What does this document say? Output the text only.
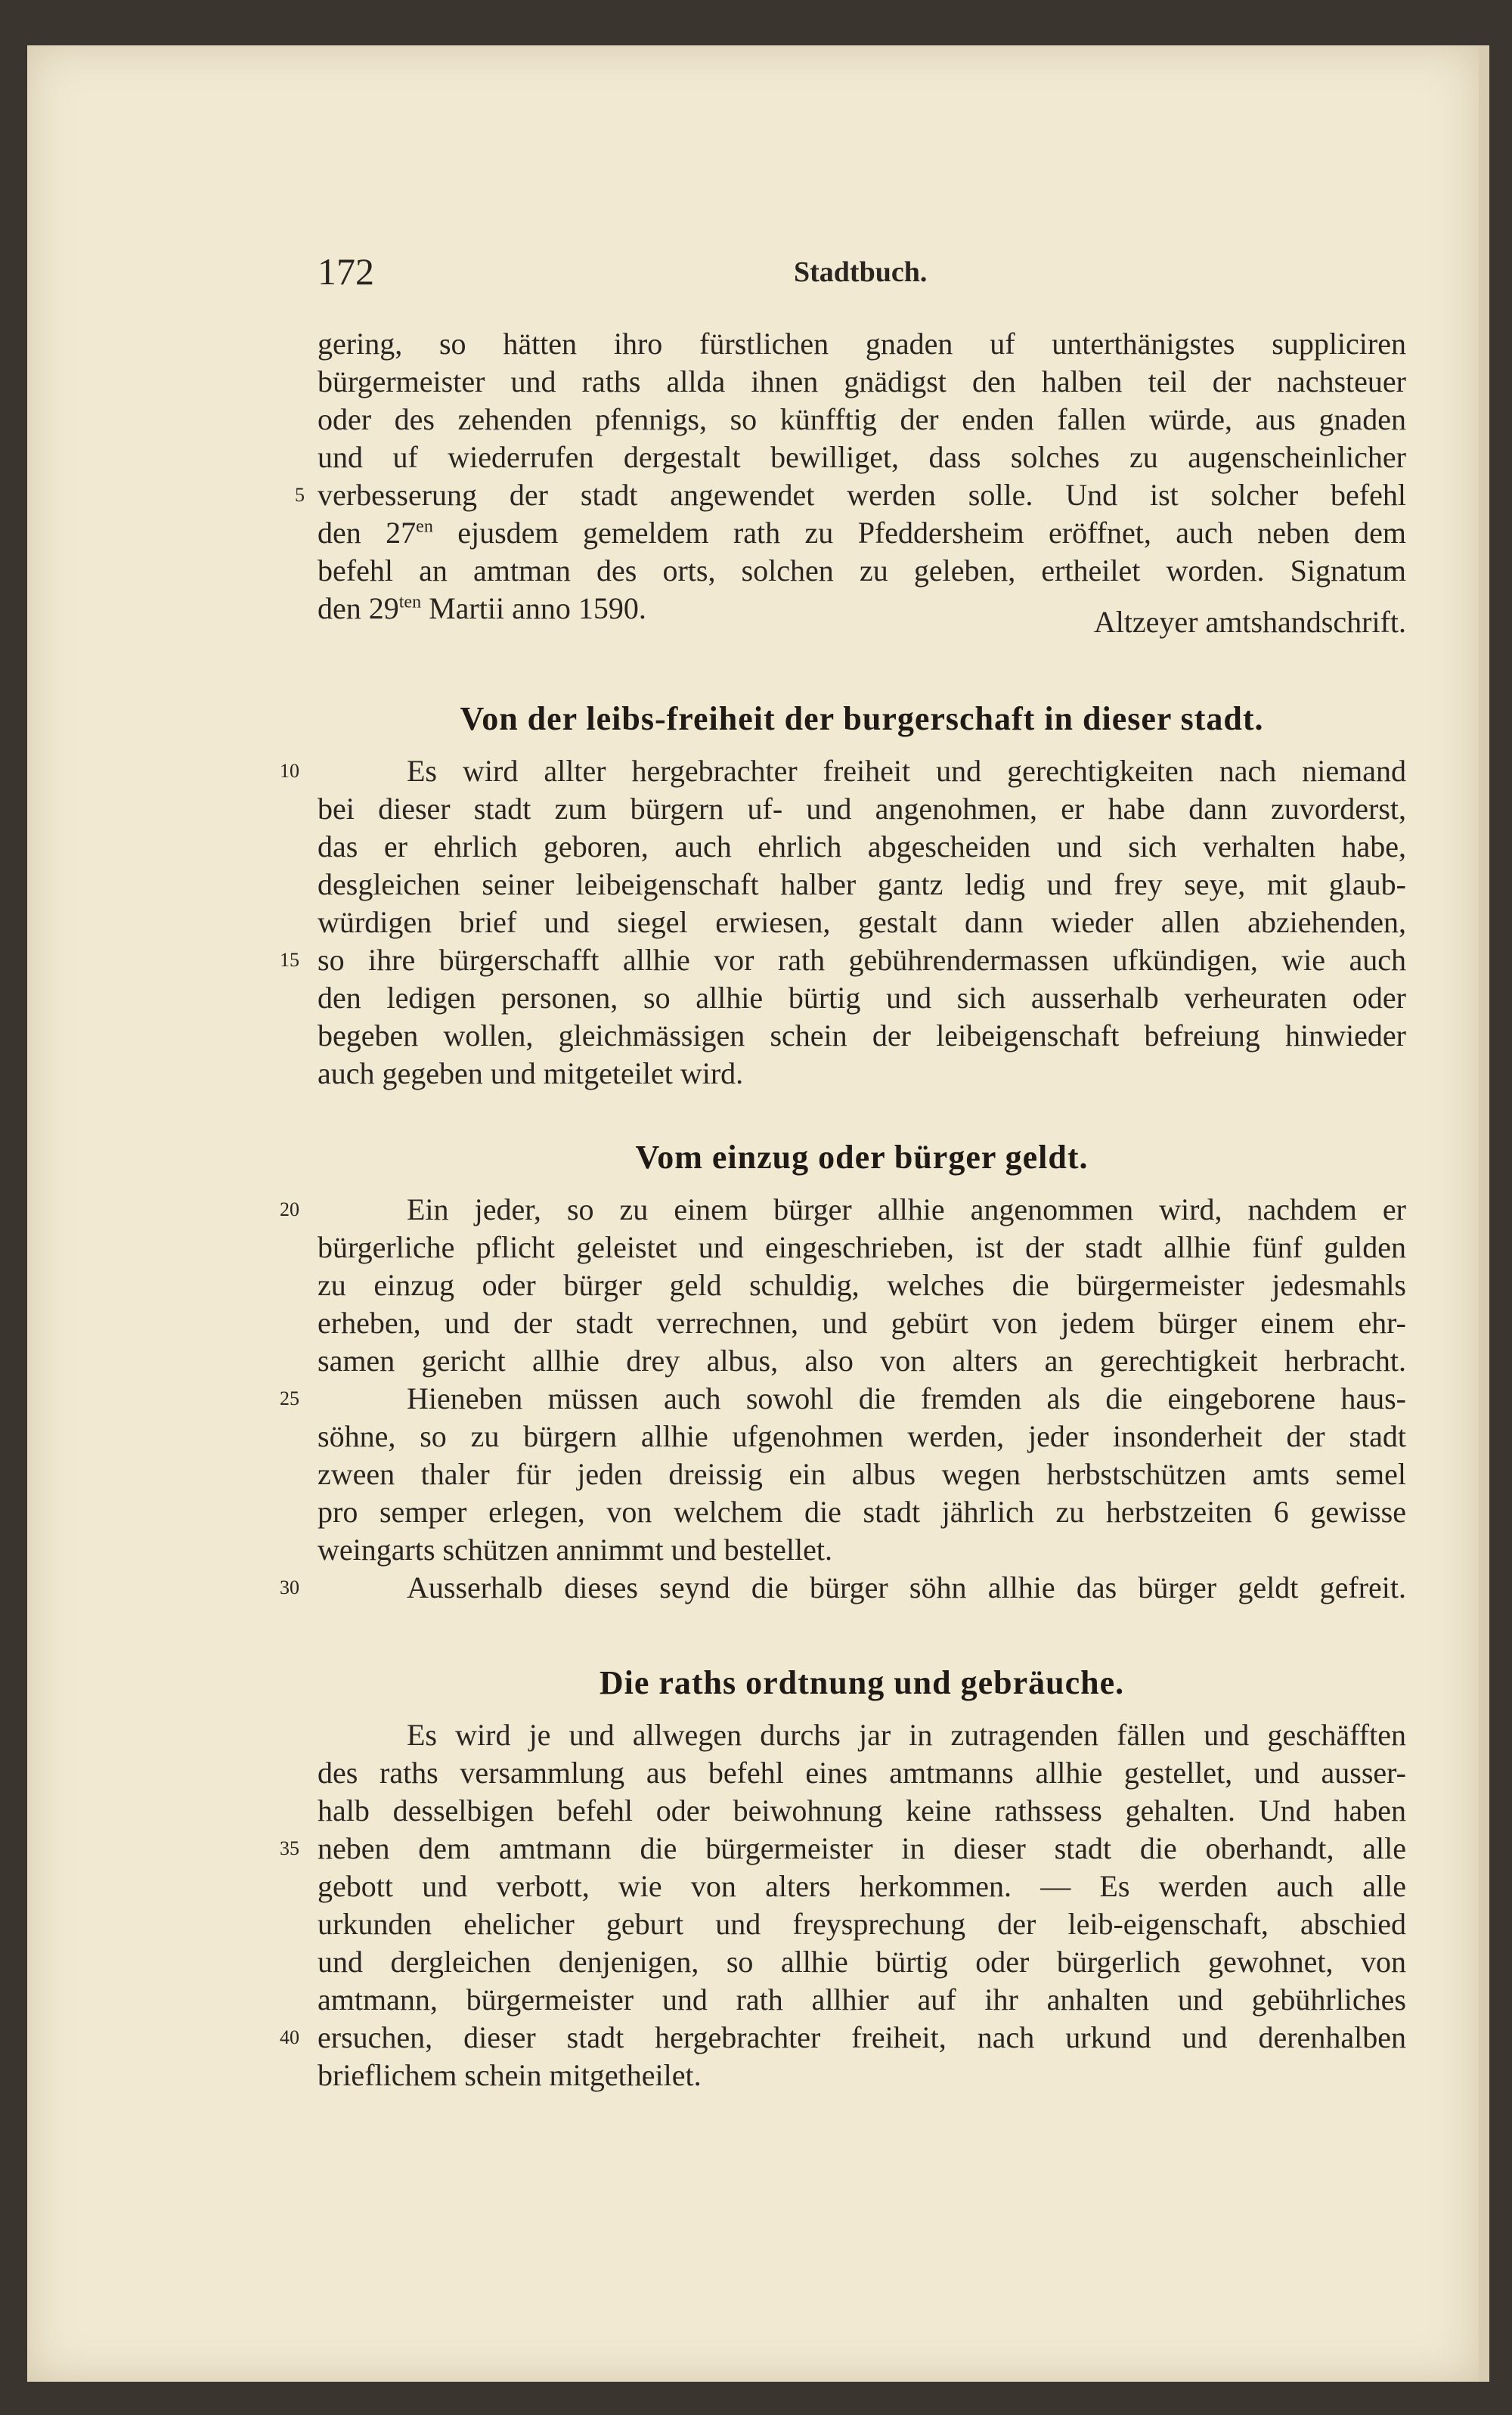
172	Stadtbuch.
gering, so hätten ihro fürstlichen gnaden uf unterthänigstes suppliciren
bürgermeister und raths allda ihnen gnädigst den halben teil der nachsteuer
oder des zehenden pfennigs, so künfftig der enden fallen würde, aus gnaden
und uf wiederrufen dergestalt bewilliget, dass solches zu augenscheinlicher
5 verbesserung der stadt angewendet werden solle. Und ist solcher befehl
den $27^{en}$ ejusdem gemeldem rath zu Pfeddersheim eröffnet, auch neben dem
befehl an amtman des orts, solchen zu geleben, ertheilet worden. Signatum
den $29^{ten}$ Martii anno 1590.	Altzeyer amtshandschrift.
Von der leibs-freiheit der burgerschaft in dieser stadt.
10	Es wird allter hergebrachter freiheit und gerechtigkeiten nach niemand
bei dieser stadt zum bürgern uf- und angenohmen, er habe dann zuvorderst,
das er ehrlich geboren, auch ehrlich abgescheiden und sich verhalten habe,
desgleichen seiner leibeigenschaft halber gantz ledig und frey seye, mit glaub-
würdigen brief und siegel erwiesen, gestalt dann wieder allen abziehenden,
15 so ihre bürgerschafft allhie vor rath gebührendermassen ufkündigen, wie auch
den ledigen personen, so allhie bürtig und sich ausserhalb verheuraten oder
begeben wollen, gleichmässigen schein der leibeigenschaft befreiung hinwieder
auch gegeben und mitgeteilet wird.
Vom einzug oder bürger geldt.
20	Ein jeder, so zu einem bürger allhie angenommen wird, nachdem er
bürgerliche pflicht geleistet und eingeschrieben, ist der stadt allhie fünf gulden
zu einzug oder bürger geld schuldig, welches die bürgermeister jedesmahls
erheben, und der stadt verrechnen, und gebürt von jedem bürger einem ehr-
samen gericht allhie drey albus, also von alters an gerechtigkeit herbracht.
25	Hieneben müssen auch sowohl die fremden als die eingeborene haus-
söhne, so zu bürgern allhie ufgenohmen werden, jeder insonderheit der stadt
zween thaler für jeden dreissig ein albus wegen herbstschützen amts semel
pro semper erlegen, von welchem die stadt jährlich zu herbstzeiten 6 gewisse
weingarts schützen annimmt und bestellet.
30	Ausserhalb dieses seynd die bürger söhn allhie das bürger geldt gefreit.
Die raths ordtnung und gebräuche.
Es wird je und allwegen durchs jar in zutragenden fällen und geschäfften
des raths versammlung aus befehl eines amtmanns allhie gestellet, und ausser-
halb desselbigen befehl oder beiwohnung keine rathssess gehalten. Und haben
35 neben dem amtmann die bürgermeister in dieser stadt die oberhandt, alle
gebott und verbott, wie von alters herkommen. — Es werden auch alle
urkunden ehelicher geburt und freysprechung der leib-eigenschaft, abschied
und dergleichen denjenigen, so allhie bürtig oder bürgerlich gewohnet, von
amtmann, bürgermeister und rath allhier auf ihr anhalten und gebührliches
40 ersuchen, dieser stadt hergebrachter freiheit, nach urkund und derenhalben
brieflichem schein mitgetheilet.
